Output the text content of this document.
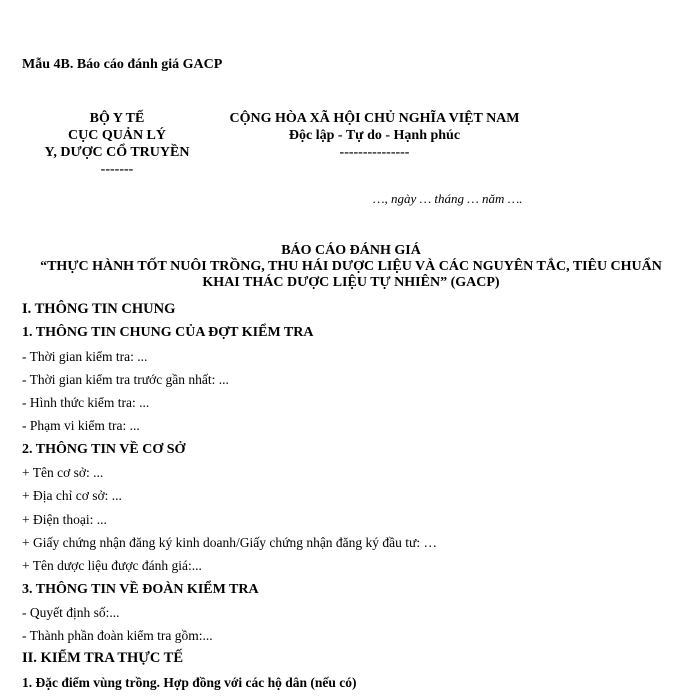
Mẫu 4B. Báo cáo đánh giá GACP
BỘ Y TẾ
CỤC QUẢN LÝ
Y, DƯỢC CỔ TRUYỀN
-------
CỘNG HÒA XÃ HỘI CHỦ NGHĨA VIỆT NAM
Độc lập - Tự do - Hạnh phúc
---------------
…, ngày … tháng … năm ….
BÁO CÁO ĐÁNH GIÁ
“THỰC HÀNH TỐT NUÔI TRỒNG, THU HÁI DƯỢC LIỆU VÀ CÁC NGUYÊN TẮC, TIÊU CHUẨN
KHAI THÁC DƯỢC LIỆU TỰ NHIÊN” (GACP)
I. THÔNG TIN CHUNG
1. THÔNG TIN CHUNG CỦA ĐỢT KIỂM TRA
- Thời gian kiểm tra: ...
- Thời gian kiểm tra trước gần nhất: ...
- Hình thức kiểm tra: ...
- Phạm vi kiểm tra: ...
2. THÔNG TIN VỀ CƠ SỞ
+ Tên cơ sở: ...
+ Địa chỉ cơ sở: ...
+ Điện thoại: ...
+ Giấy chứng nhận đăng ký kinh doanh/Giấy chứng nhận đăng ký đầu tư: …
+ Tên dược liệu được đánh giá:...
3. THÔNG TIN VỀ ĐOÀN KIỂM TRA
- Quyết định số:...
- Thành phần đoàn kiểm tra gồm:...
II. KIỂM TRA THỰC TẾ
1. Đặc điểm vùng trồng. Hợp đồng với các hộ dân (nếu có)
